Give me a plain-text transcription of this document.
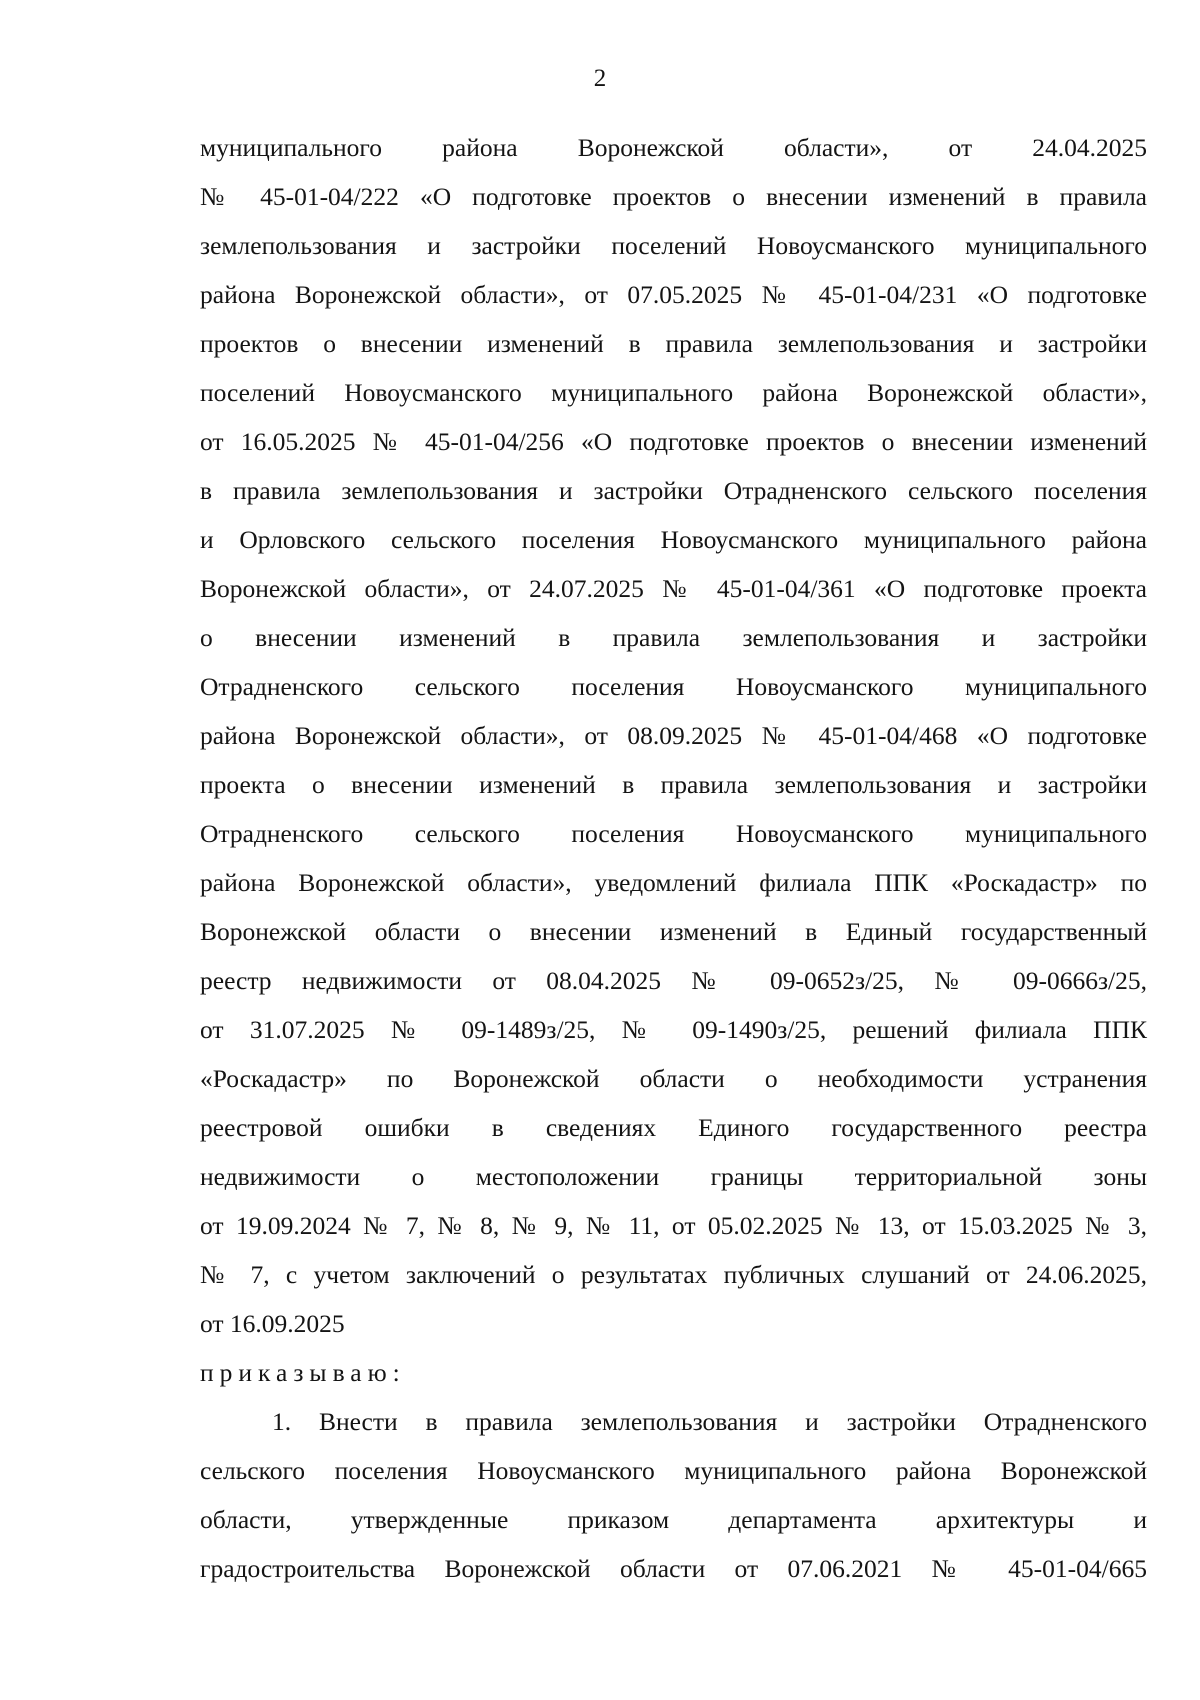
2
муниципального района Воронежской области», от 24.04.2025
№ 45-01-04/222 «О подготовке проектов о внесении изменений в правила
землепользования и застройки поселений Новоусманского муниципального
района Воронежской области», от 07.05.2025 № 45-01-04/231 «О подготовке
проектов о внесении изменений в правила землепользования и застройки
поселений Новоусманского муниципального района Воронежской области»,
от 16.05.2025 № 45-01-04/256 «О подготовке проектов о внесении изменений
в правила землепользования и застройки Отрадненского сельского поселения
и Орловского сельского поселения Новоусманского муниципального района
Воронежской области», от 24.07.2025 № 45-01-04/361 «О подготовке проекта
о внесении изменений в правила землепользования и застройки
Отрадненского сельского поселения Новоусманского муниципального
района Воронежской области», от 08.09.2025 № 45-01-04/468 «О подготовке
проекта о внесении изменений в правила землепользования и застройки
Отрадненского сельского поселения Новоусманского муниципального
района Воронежской области», уведомлений филиала ППК «Роскадастр» по
Воронежской области о внесении изменений в Единый государственный
реестр недвижимости от 08.04.2025 № 09-0652з/25, № 09-0666з/25,
от 31.07.2025 № 09-1489з/25, № 09-1490з/25, решений филиала ППК
«Роскадастр» по Воронежской области о необходимости устранения
реестровой ошибки в сведениях Единого государственного реестра
недвижимости о местоположении границы территориальной зоны
от 19.09.2024 № 7, № 8, № 9, № 11, от 05.02.2025 № 13, от 15.03.2025 № 3,
№ 7, с учетом заключений о результатах публичных слушаний от 24.06.2025,
от 16.09.2025
приказываю:
1. Внести в правила землепользования и застройки Отрадненского
сельского поселения Новоусманского муниципального района Воронежской
области, утвержденные приказом департамента архитектуры и
градостроительства Воронежской области от 07.06.2021 № 45-01-04/665
